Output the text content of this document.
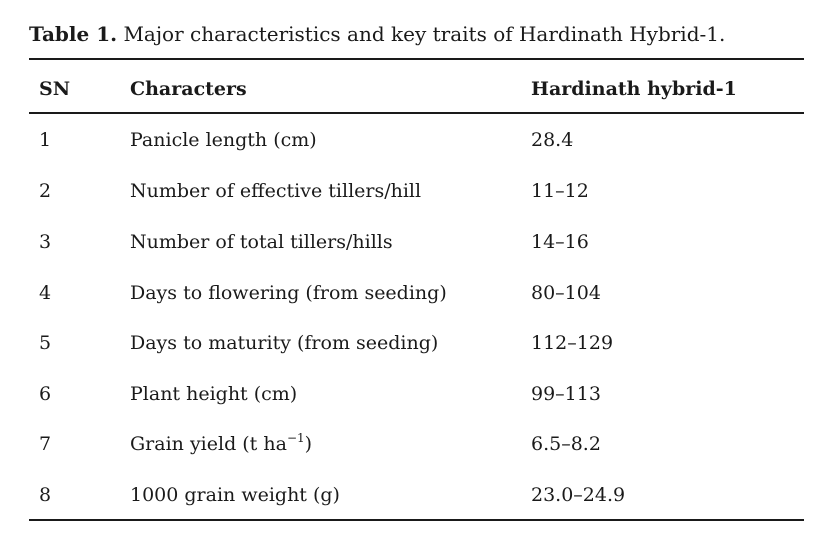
Table 1. Major characteristics and key traits of Hardinath Hybrid-1.
SN	Characters	Hardinath hybrid-1
1	Panicle length (cm)	28.4
2	Number of effective tillers/hill	11–12
3	Number of total tillers/hills	14–16
4	Days to flowering (from seeding)	80–104
5	Days to maturity (from seeding)	112–129
6	Plant height (cm)	99–113
7	Grain yield (t $ha^{-1}$)	6.5–8.2
8	1000 grain weight (g)	23.0–24.9
